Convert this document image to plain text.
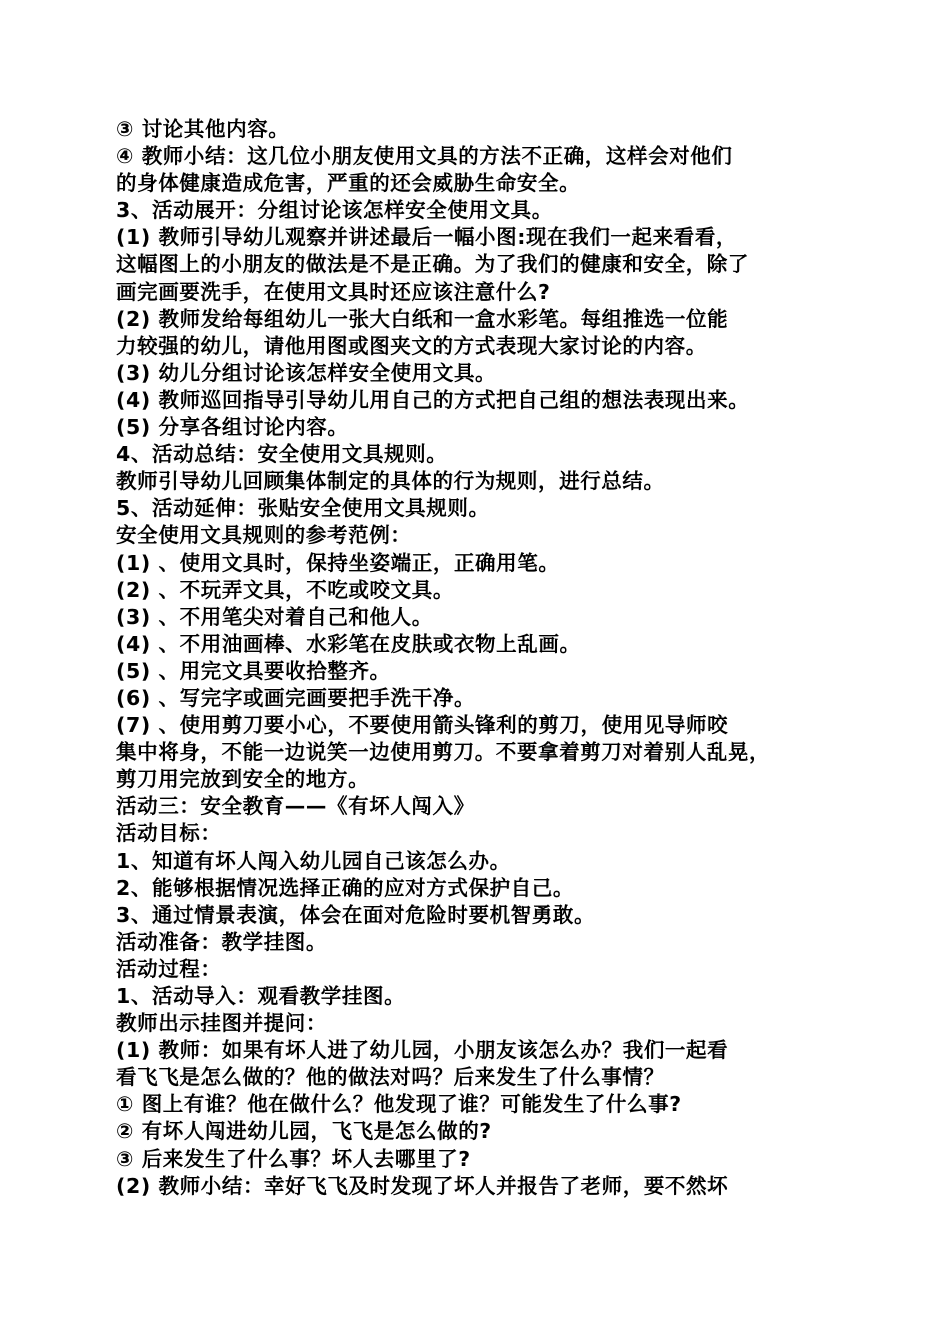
③ 讨论其他内容。
④ 教师小结：这几位小朋友使用文具的方法不正确，这样会对他们
的身体健康造成危害，严重的还会威胁生命安全。
3、活动展开：分组讨论该怎样安全使用文具。
(1) 教师引导幼儿观察并讲述最后一幅小图:现在我们一起来看看，
这幅图上的小朋友的做法是不是正确。为了我们的健康和安全，除了
画完画要洗手，在使用文具时还应该注意什么?
(2) 教师发给每组幼儿一张大白纸和一盒水彩笔。每组推选一位能
力较强的幼儿，请他用图或图夹文的方式表现大家讨论的内容。
(3) 幼儿分组讨论该怎样安全使用文具。
(4) 教师巡回指导引导幼儿用自己的方式把自己组的想法表现出来。
(5) 分享各组讨论内容。
4、活动总结：安全使用文具规则。
教师引导幼儿回顾集体制定的具体的行为规则，进行总结。
5、活动延伸：张贴安全使用文具规则。
安全使用文具规则的参考范例：
(1) 、使用文具时，保持坐姿端正，正确用笔。
(2) 、不玩弄文具，不吃或咬文具。
(3) 、不用笔尖对着自己和他人。
(4) 、不用油画棒、水彩笔在皮肤或衣物上乱画。
(5) 、用完文具要收拾整齐。
(6) 、写完字或画完画要把手洗干净。
(7) 、使用剪刀要小心，不要使用箭头锋利的剪刀，使用见导师咬
集中将身，不能一边说笑一边使用剪刀。不要拿着剪刀对着别人乱晃，
剪刀用完放到安全的地方。
活动三：安全教育——《有坏人闯入》
活动目标：
1、知道有坏人闯入幼儿园自己该怎么办。
2、能够根据情况选择正确的应对方式保护自己。
3、通过情景表演，体会在面对危险时要机智勇敢。
活动准备：教学挂图。
活动过程：
1、活动导入：观看教学挂图。
教师出示挂图并提问：
(1) 教师：如果有坏人进了幼儿园，小朋友该怎么办？我们一起看
看飞飞是怎么做的？他的做法对吗？后来发生了什么事情？
① 图上有谁？他在做什么？他发现了谁？可能发生了什么事?
② 有坏人闯进幼儿园，飞飞是怎么做的?
③ 后来发生了什么事？坏人去哪里了?
(2) 教师小结：幸好飞飞及时发现了坏人并报告了老师，要不然坏
